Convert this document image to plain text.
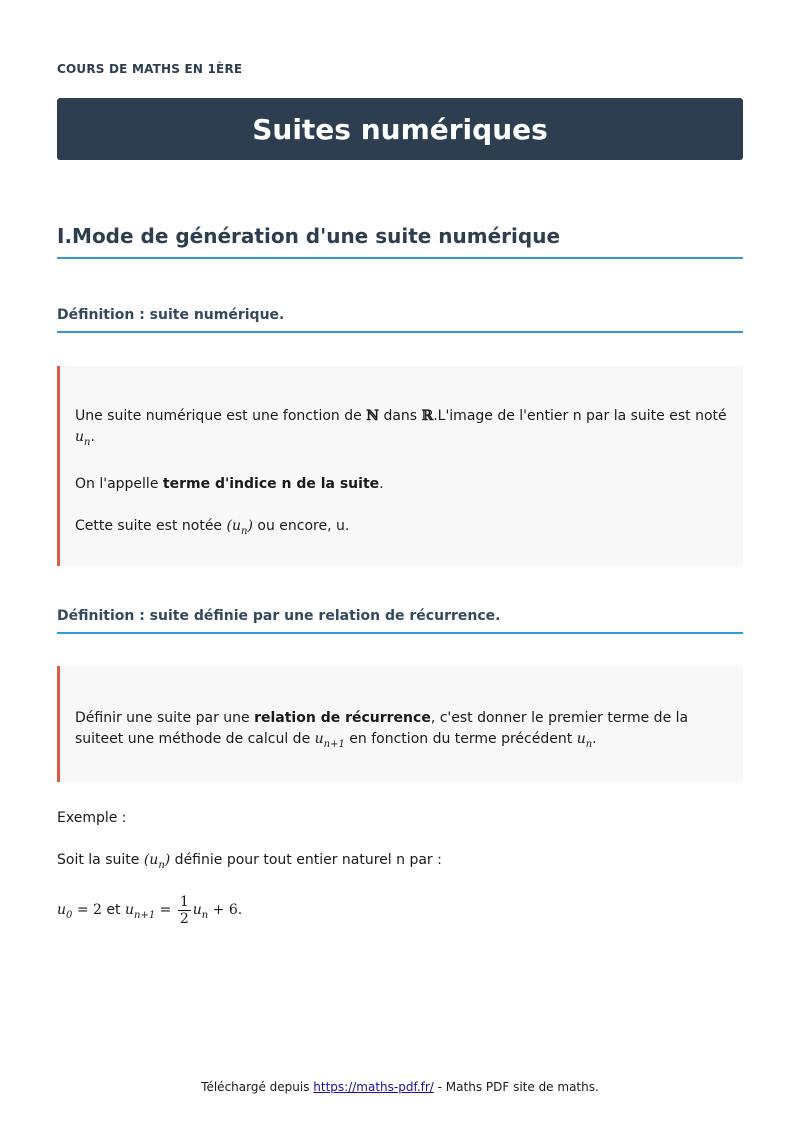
COURS DE MATHS EN 1ÈRE
Suites numériques
I.Mode de génération d'une suite numérique
Définition : suite numérique.

Une suite numérique est une fonction de ℕ dans ℝ.L'image de l'entier n par la suite est noté $u_n$.

On l'appelle terme d'indice n de la suite.

Cette suite est notée $(u_n)$ ou encore, u.

Définition : suite définie par une relation de récurrence.

Définir une suite par une relation de récurrence, c'est donner le premier terme de la suiteet une méthode de calcul de $u_{n+1}$ en fonction du terme précédent $u_n$.

Exemple :

Soit la suite $(u_n)$ définie pour tout entier naturel n par :

$u_0 = 2$ et $u_{n+1} = \frac{1}{2} u_n + 6$.

Téléchargé depuis https://maths-pdf.fr/ - Maths PDF site de maths.
